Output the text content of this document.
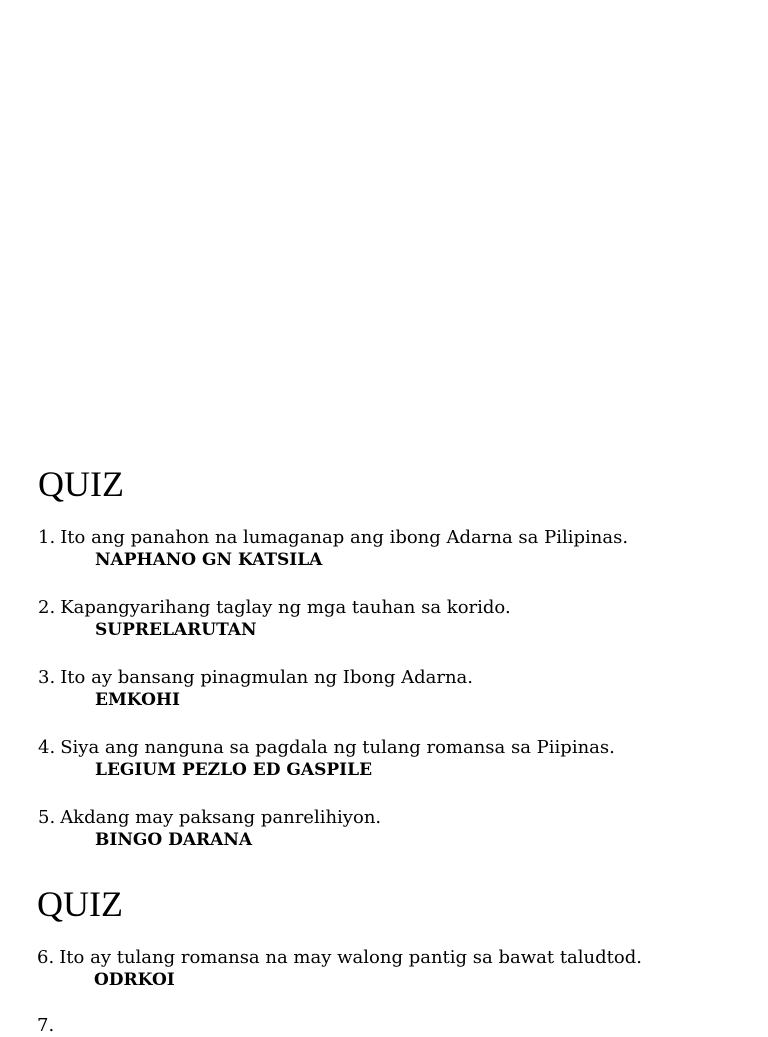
QUIZ
1. Ito ang panahon na lumaganap ang ibong Adarna sa Pilipinas.
NAPHANO GN KATSILA
2. Kapangyarihang taglay ng mga tauhan sa korido.
SUPRELARUTAN
3. Ito ay bansang pinagmulan ng Ibong Adarna.
EMKOHI
4. Siya ang nanguna sa pagdala ng tulang romansa sa Piipinas.
LEGIUM PEZLO ED GASPILE
5. Akdang may paksang panrelihiyon.
BINGO DARANA
QUIZ
6. Ito ay tulang romansa na may walong pantig sa bawat taludtod.
ODRKOI
7.
